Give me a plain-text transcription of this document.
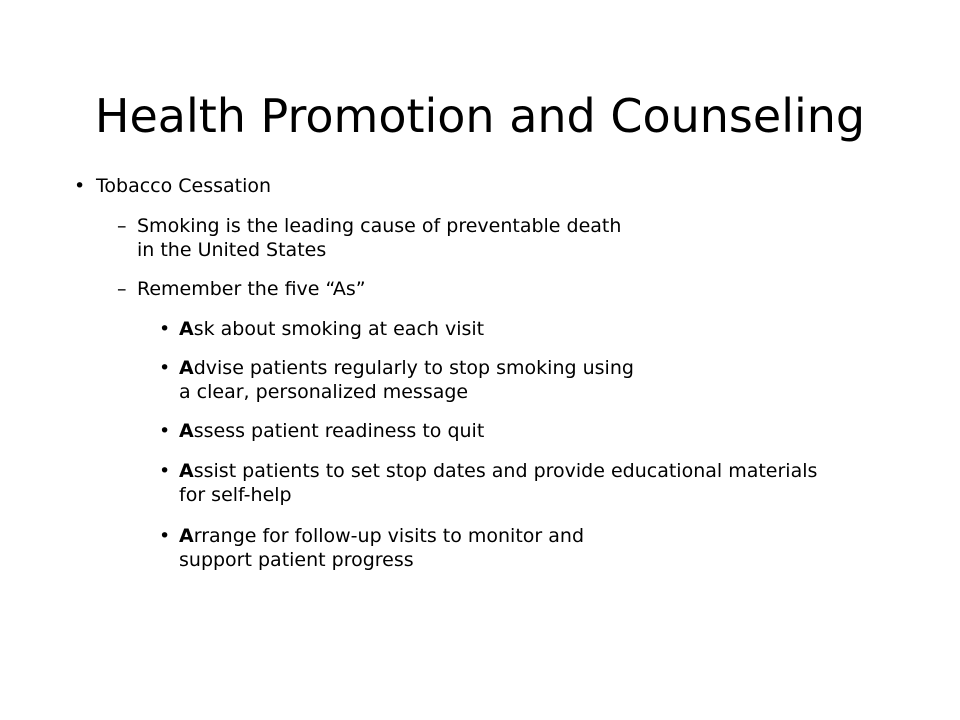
Health Promotion and Counseling
• Tobacco Cessation
– Smoking is the leading cause of preventable death
in the United States
– Remember the five “As”
• Ask about smoking at each visit
• Advise patients regularly to stop smoking using
a clear, personalized message
• Assess patient readiness to quit
• Assist patients to set stop dates and provide educational materials
for self-help
• Arrange for follow-up visits to monitor and
support patient progress
